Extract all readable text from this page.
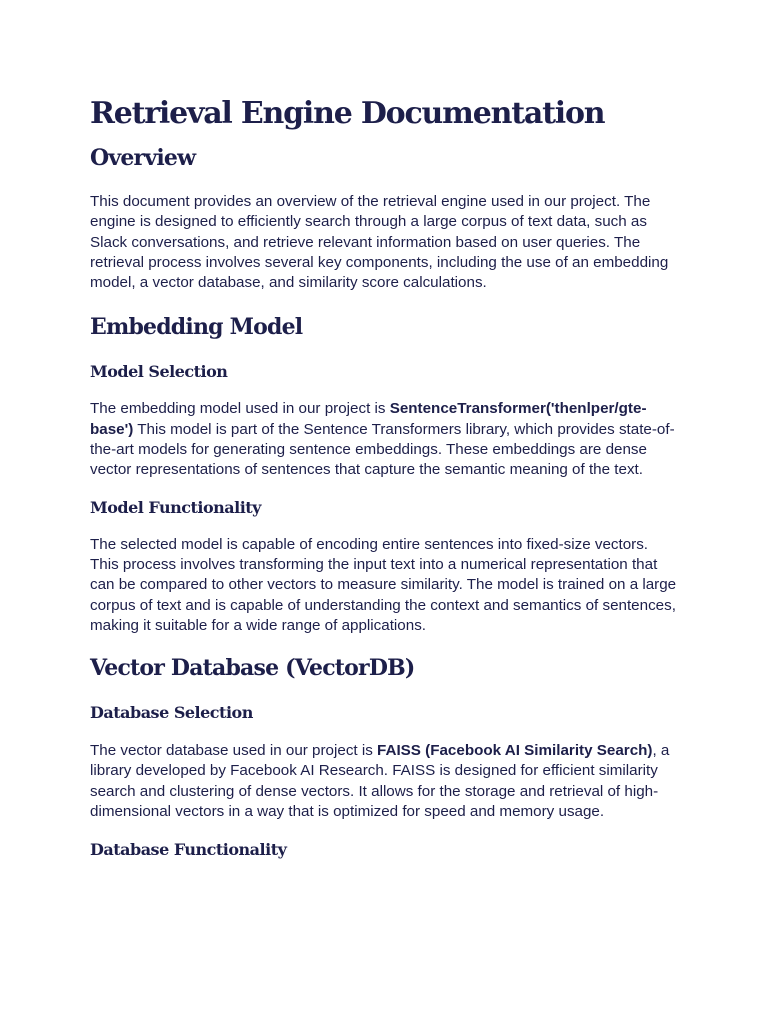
Retrieval Engine Documentation
Overview

This document provides an overview of the retrieval engine used in our project. The engine is designed to efficiently search through a large corpus of text data, such as Slack conversations, and retrieve relevant information based on user queries. The retrieval process involves several key components, including the use of an embedding model, a vector database, and similarity score calculations.

Embedding Model
Model Selection

The embedding model used in our project is SentenceTransformer('thenlper/gte-base') This model is part of the Sentence Transformers library, which provides state-of-the-art models for generating sentence embeddings. These embeddings are dense vector representations of sentences that capture the semantic meaning of the text.

Model Functionality

The selected model is capable of encoding entire sentences into fixed-size vectors. This process involves transforming the input text into a numerical representation that can be compared to other vectors to measure similarity. The model is trained on a large corpus of text and is capable of understanding the context and semantics of sentences, making it suitable for a wide range of applications.

Vector Database (VectorDB)
Database Selection

The vector database used in our project is FAISS (Facebook AI Similarity Search), a library developed by Facebook AI Research. FAISS is designed for efficient similarity search and clustering of dense vectors. It allows for the storage and retrieval of high-dimensional vectors in a way that is optimized for speed and memory usage.

Database Functionality
